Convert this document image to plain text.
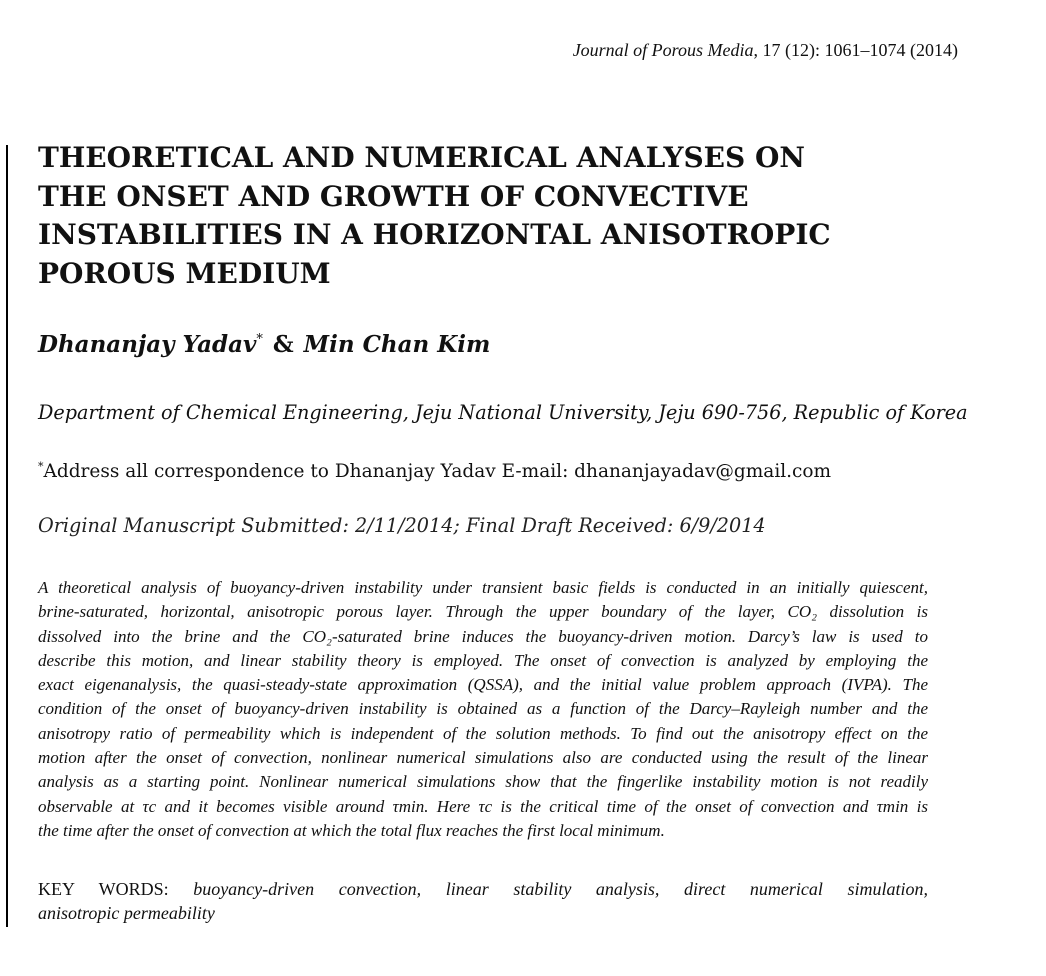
Journal of Porous Media, 17 (12): 1061–1074 (2014)
THEORETICAL AND NUMERICAL ANALYSES ON
THE ONSET AND GROWTH OF CONVECTIVE
INSTABILITIES IN A HORIZONTAL ANISOTROPIC
POROUS MEDIUM
Dhananjay Yadav* & Min Chan Kim
Department of Chemical Engineering, Jeju National University, Jeju 690-756, Republic of Korea
*Address all correspondence to Dhananjay Yadav E-mail: dhananjayadav@gmail.com
Original Manuscript Submitted: 2/11/2014; Final Draft Received: 6/9/2014

A theoretical analysis of buoyancy-driven instability under transient basic fields is conducted in an initially quiescent,
brine-saturated, horizontal, anisotropic porous layer. Through the upper boundary of the layer, CO₂ dissolution is
dissolved into the brine and the CO₂-saturated brine induces the buoyancy-driven motion. Darcy’s law is used to
describe this motion, and linear stability theory is employed. The onset of convection is analyzed by employing the
exact eigenanalysis, the quasi-steady-state approximation (QSSA), and the initial value problem approach (IVPA). The
condition of the onset of buoyancy-driven instability is obtained as a function of the Darcy–Rayleigh number and the
anisotropy ratio of permeability which is independent of the solution methods. To find out the anisotropy effect on the
motion after the onset of convection, nonlinear numerical simulations also are conducted using the result of the linear
analysis as a starting point. Nonlinear numerical simulations show that the fingerlike instability motion is not readily
observable at τc and it becomes visible around τmin. Here τc is the critical time of the onset of convection and τmin is
the time after the onset of convection at which the total flux reaches the first local minimum.

KEY WORDS: buoyancy-driven convection, linear stability analysis, direct numerical simulation,
anisotropic permeability
